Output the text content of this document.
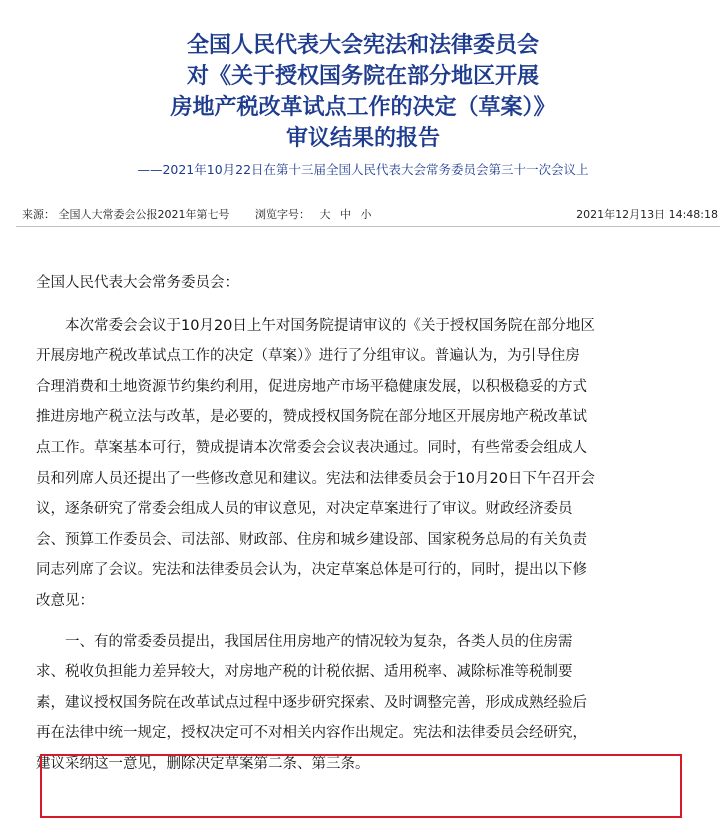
全国人民代表大会宪法和法律委员会
对《关于授权国务院在部分地区开展
房地产税改革试点工作的决定（草案）》
审议结果的报告
——2021年10月22日在第十三届全国人民代表大会常务委员会第三十一次会议上
来源： 全国人大常委会公报2021年第七号 浏览字号： 大 中 小	2021年12月13日 14:48:18
全国人民代表大会常务委员会：
　　本次常委会会议于10月20日上午对国务院提请审议的《关于授权国务院在部分地区
开展房地产税改革试点工作的决定（草案）》进行了分组审议。普遍认为，为引导住房
合理消费和土地资源节约集约利用，促进房地产市场平稳健康发展，以积极稳妥的方式
推进房地产税立法与改革，是必要的，赞成授权国务院在部分地区开展房地产税改革试
点工作。草案基本可行，赞成提请本次常委会会议表决通过。同时，有些常委会组成人
员和列席人员还提出了一些修改意见和建议。宪法和法律委员会于10月20日下午召开会
议，逐条研究了常委会组成人员的审议意见，对决定草案进行了审议。财政经济委员
会、预算工作委员会、司法部、财政部、住房和城乡建设部、国家税务总局的有关负责
同志列席了会议。宪法和法律委员会认为，决定草案总体是可行的，同时，提出以下修
改意见：
　　一、有的常委委员提出，我国居住用房地产的情况较为复杂，各类人员的住房需
求、税收负担能力差异较大，对房地产税的计税依据、适用税率、减除标准等税制要
素，建议授权国务院在改革试点过程中逐步研究探索、及时调整完善，形成成熟经验后
再在法律中统一规定，授权决定可不对相关内容作出规定。宪法和法律委员会经研究，
建议采纳这一意见，删除决定草案第二条、第三条。
